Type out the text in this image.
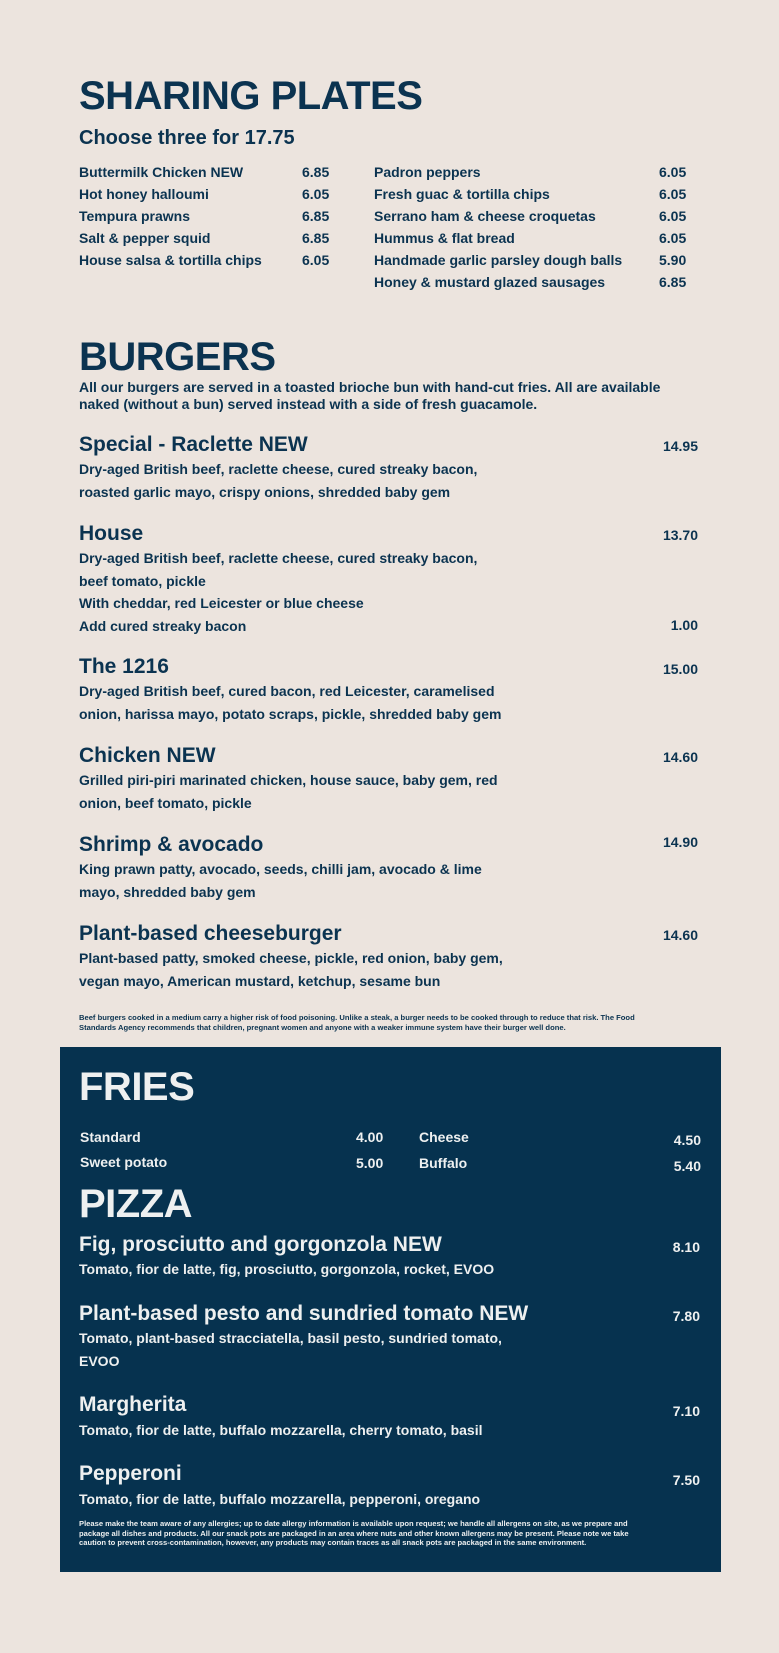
SHARING PLATES
Choose three for 17.75
Buttermilk Chicken NEW	6.85
Hot honey halloumi	6.05
Tempura prawns	6.85
Salt & pepper squid	6.85
House salsa & tortilla chips	6.05
Padron peppers	6.05
Fresh guac & tortilla chips	6.05
Serrano ham & cheese croquetas	6.05
Hummus & flat bread	6.05
Handmade garlic parsley dough balls	5.90
Honey & mustard glazed sausages	6.85
BURGERS
All our burgers are served in a toasted brioche bun with hand-cut fries. All are available
naked (without a bun) served instead with a side of fresh guacamole.
Special - Raclette NEW	14.95
Dry-aged British beef, raclette cheese, cured streaky bacon,
roasted garlic mayo, crispy onions, shredded baby gem
House	13.70
Dry-aged British beef, raclette cheese, cured streaky bacon,
beef tomato, pickle
With cheddar, red Leicester or blue cheese
Add cured streaky bacon	1.00
The 1216	15.00
Dry-aged British beef, cured bacon, red Leicester, caramelised
onion, harissa mayo, potato scraps, pickle, shredded baby gem
Chicken NEW	14.60
Grilled piri-piri marinated chicken, house sauce, baby gem, red
onion, beef tomato, pickle
Shrimp & avocado	14.90
King prawn patty, avocado, seeds, chilli jam, avocado & lime
mayo, shredded baby gem
Plant-based cheeseburger	14.60
Plant-based patty, smoked cheese, pickle, red onion, baby gem,
vegan mayo, American mustard, ketchup, sesame bun
Beef burgers cooked in a medium carry a higher risk of food poisoning. Unlike a steak, a burger needs to be cooked through to reduce that risk. The Food
Standards Agency recommends that children, pregnant women and anyone with a weaker immune system have their burger well done.
FRIES
Standard	4.00
Sweet potato	5.00
Cheese	4.50
Buffalo	5.40
PIZZA
Fig, prosciutto and gorgonzola NEW	8.10
Tomato, fior de latte, fig, prosciutto, gorgonzola, rocket, EVOO
Plant-based pesto and sundried tomato NEW	7.80
Tomato, plant-based stracciatella, basil pesto, sundried tomato,
EVOO
Margherita	7.10
Tomato, fior de latte, buffalo mozzarella, cherry tomato, basil
Pepperoni	7.50
Tomato, fior de latte, buffalo mozzarella, pepperoni, oregano
Please make the team aware of any allergies; up to date allergy information is available upon request; we handle all allergens on site, as we prepare and
package all dishes and products. All our snack pots are packaged in an area where nuts and other known allergens may be present. Please note we take
caution to prevent cross-contamination, however, any products may contain traces as all snack pots are packaged in the same environment.
